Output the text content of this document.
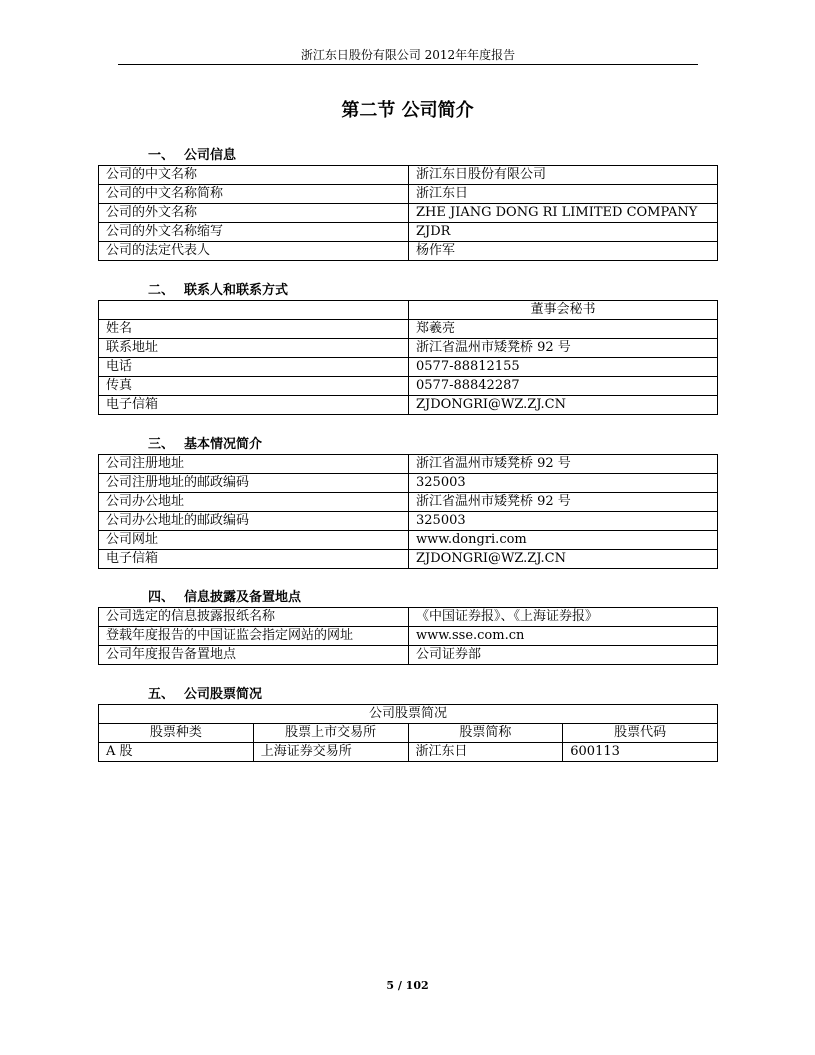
浙江东日股份有限公司 2012年年度报告
第二节 公司简介
一、 公司信息
公司的中文名称	浙江东日股份有限公司
公司的中文名称简称	浙江东日
公司的外文名称	ZHE JIANG DONG RI LIMITED COMPANY
公司的外文名称缩写	ZJDR
公司的法定代表人	杨作军
二、 联系人和联系方式
	董事会秘书
姓名	郑羲亮
联系地址	浙江省温州市矮凳桥 92 号
电话	0577-88812155
传真	0577-88842287
电子信箱	ZJDONGRI@WZ.ZJ.CN
三、 基本情况简介
公司注册地址	浙江省温州市矮凳桥 92 号
公司注册地址的邮政编码	325003
公司办公地址	浙江省温州市矮凳桥 92 号
公司办公地址的邮政编码	325003
公司网址	www.dongri.com
电子信箱	ZJDONGRI@WZ.ZJ.CN
四、 信息披露及备置地点
公司选定的信息披露报纸名称	《中国证券报》、《上海证券报》
登载年度报告的中国证监会指定网站的网址	www.sse.com.cn
公司年度报告备置地点	公司证券部
五、 公司股票简况
公司股票简况			
股票种类	股票上市交易所	股票简称	股票代码
A 股	上海证券交易所	浙江东日	600113
5 / 102
